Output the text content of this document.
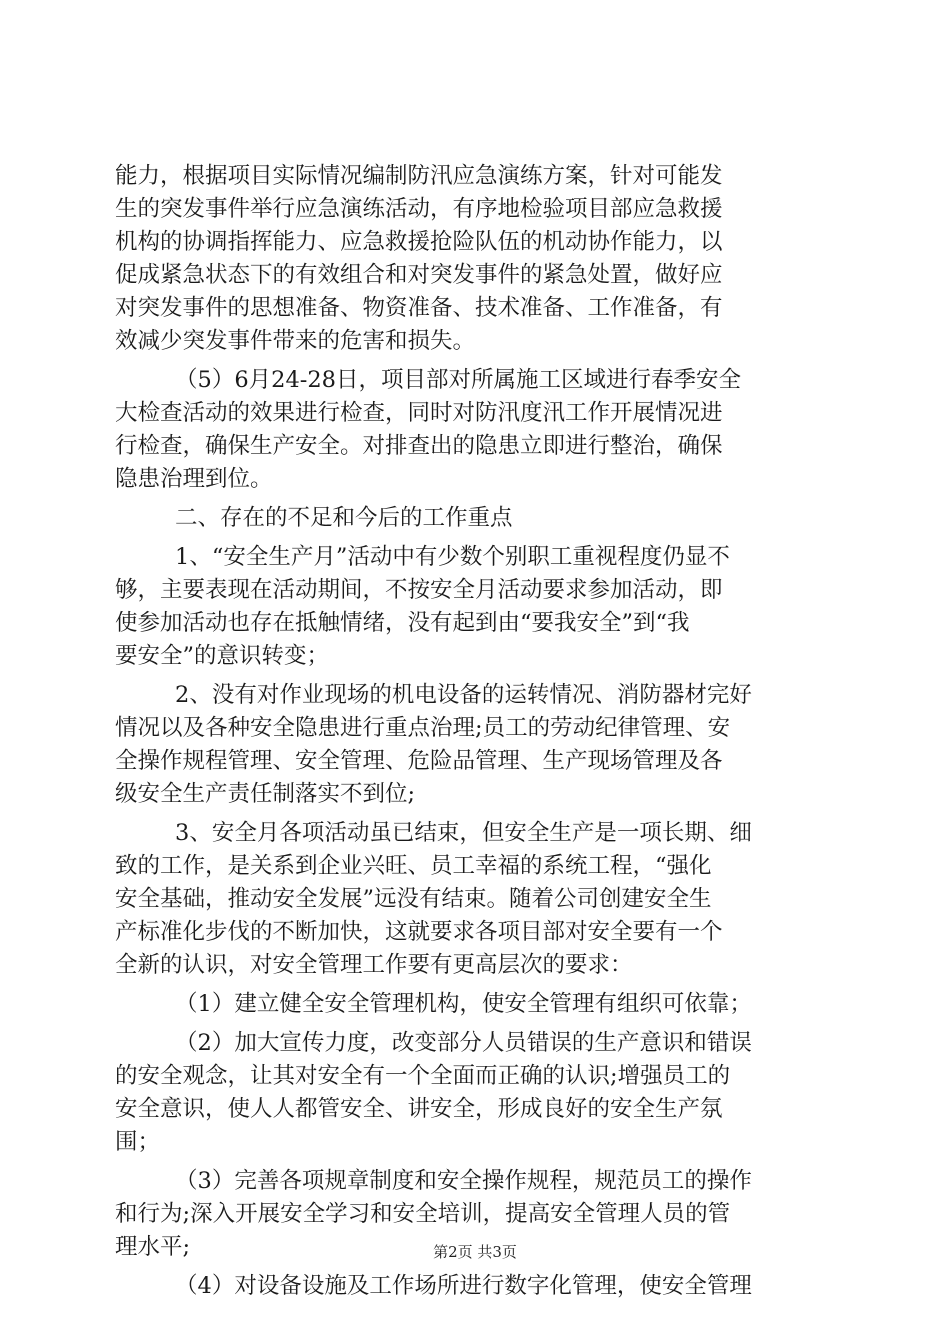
能力，根据项目实际情况编制防汛应急演练方案，针对可能发
生的突发事件举行应急演练活动，有序地检验项目部应急救援
机构的协调指挥能力、应急救援抢险队伍的机动协作能力，以
促成紧急状态下的有效组合和对突发事件的紧急处置，做好应
对突发事件的思想准备、物资准备、技术准备、工作准备，有
效减少突发事件带来的危害和损失。
（5）6月24-28日，项目部对所属施工区域进行春季安全
大检查活动的效果进行检查，同时对防汛度汛工作开展情况进
行检查，确保生产安全。对排查出的隐患立即进行整治，确保
隐患治理到位。
二、存在的不足和今后的工作重点
1、“安全生产月”活动中有少数个别职工重视程度仍显不
够，主要表现在活动期间，不按安全月活动要求参加活动，即
使参加活动也存在抵触情绪，没有起到由“要我安全”到“我
要安全”的意识转变；
2、没有对作业现场的机电设备的运转情况、消防器材完好
情况以及各种安全隐患进行重点治理;员工的劳动纪律管理、安
全操作规程管理、安全管理、危险品管理、生产现场管理及各
级安全生产责任制落实不到位;
3、安全月各项活动虽已结束，但安全生产是一项长期、细
致的工作，是关系到企业兴旺、员工幸福的系统工程，“强化
安全基础，推动安全发展”远没有结束。随着公司创建安全生
产标准化步伐的不断加快，这就要求各项目部对安全要有一个
全新的认识，对安全管理工作要有更高层次的要求：
（1）建立健全安全管理机构，使安全管理有组织可依靠；
（2）加大宣传力度，改变部分人员错误的生产意识和错误
的安全观念，让其对安全有一个全面而正确的认识;增强员工的
安全意识，使人人都管安全、讲安全，形成良好的安全生产氛
围；
（3）完善各项规章制度和安全操作规程，规范员工的操作
和行为;深入开展安全学习和安全培训，提高安全管理人员的管
理水平;
（4）对设备设施及工作场所进行数字化管理，使安全管理
第2页 共3页
